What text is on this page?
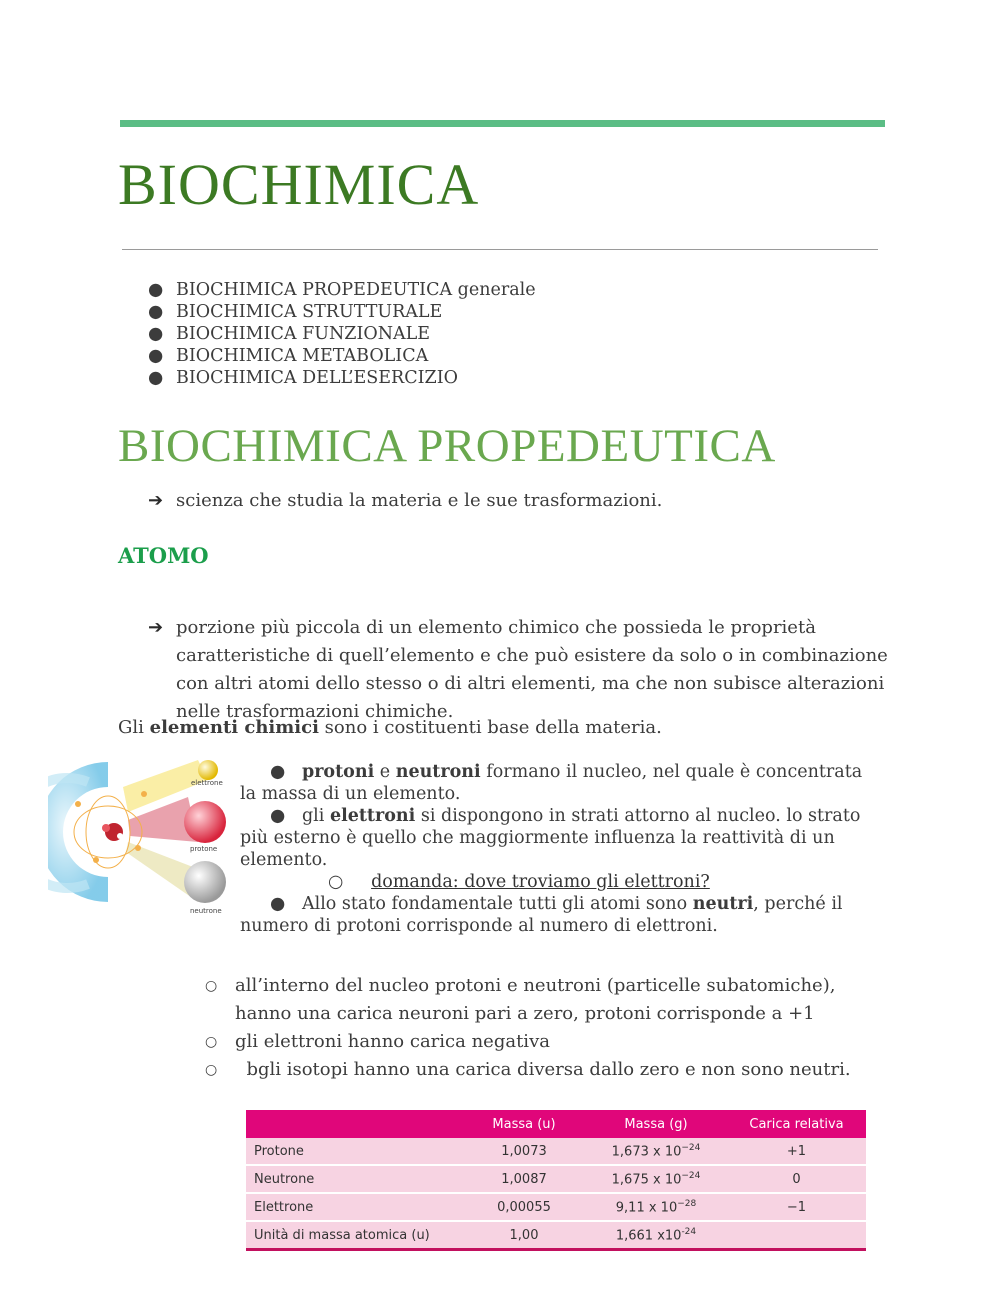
BIOCHIMICA
● BIOCHIMICA PROPEDEUTICA generale
● BIOCHIMICA STRUTTURALE
● BIOCHIMICA FUNZIONALE
● BIOCHIMICA METABOLICA
● BIOCHIMICA DELL’ESERCIZIO
BIOCHIMICA PROPEDEUTICA
➔ scienza che studia la materia e le sue trasformazioni.
ATOMO
➔ porzione più piccola di un elemento chimico che possieda le proprietà caratteristiche di quell’elemento e che può esistere da solo o in combinazione con altri atomi dello stesso o di altri elementi, ma che non subisce alterazioni nelle trasformazioni chimiche.
Gli elementi chimici sono i costituenti base della materia.
elettrone
protone
neutrone
●   protoni e neutroni formano il nucleo, nel quale è concentrata la massa di un elemento.
●   gli elettroni si dispongono in strati attorno al nucleo. lo strato più esterno è quello che maggiormente influenza la reattività di un elemento.
○     domanda: dove troviamo gli elettroni?
●   Allo stato fondamentale tutti gli atomi sono neutri, perché il numero di protoni corrisponde al numero di elettroni.
○ all’interno del nucleo protoni e neutroni (particelle subatomiche), hanno una carica neuroni pari a zero, protoni corrisponde a +1
○ gli elettroni hanno carica negativa
○ bgli isotopi hanno una carica diversa dallo zero e non sono neutri.
	Massa (u)	Massa (g)	Carica relativa
Protone	1,0073	1,673 x $10^{-24}$	+1
Neutrone	1,0087	1,675 x $10^{-24}$	0
Elettrone	0,00055	9,11 x $10^{-28}$	−1
Unità di massa atomica (u)	1,00	1,661 $x10^{-24}$	
